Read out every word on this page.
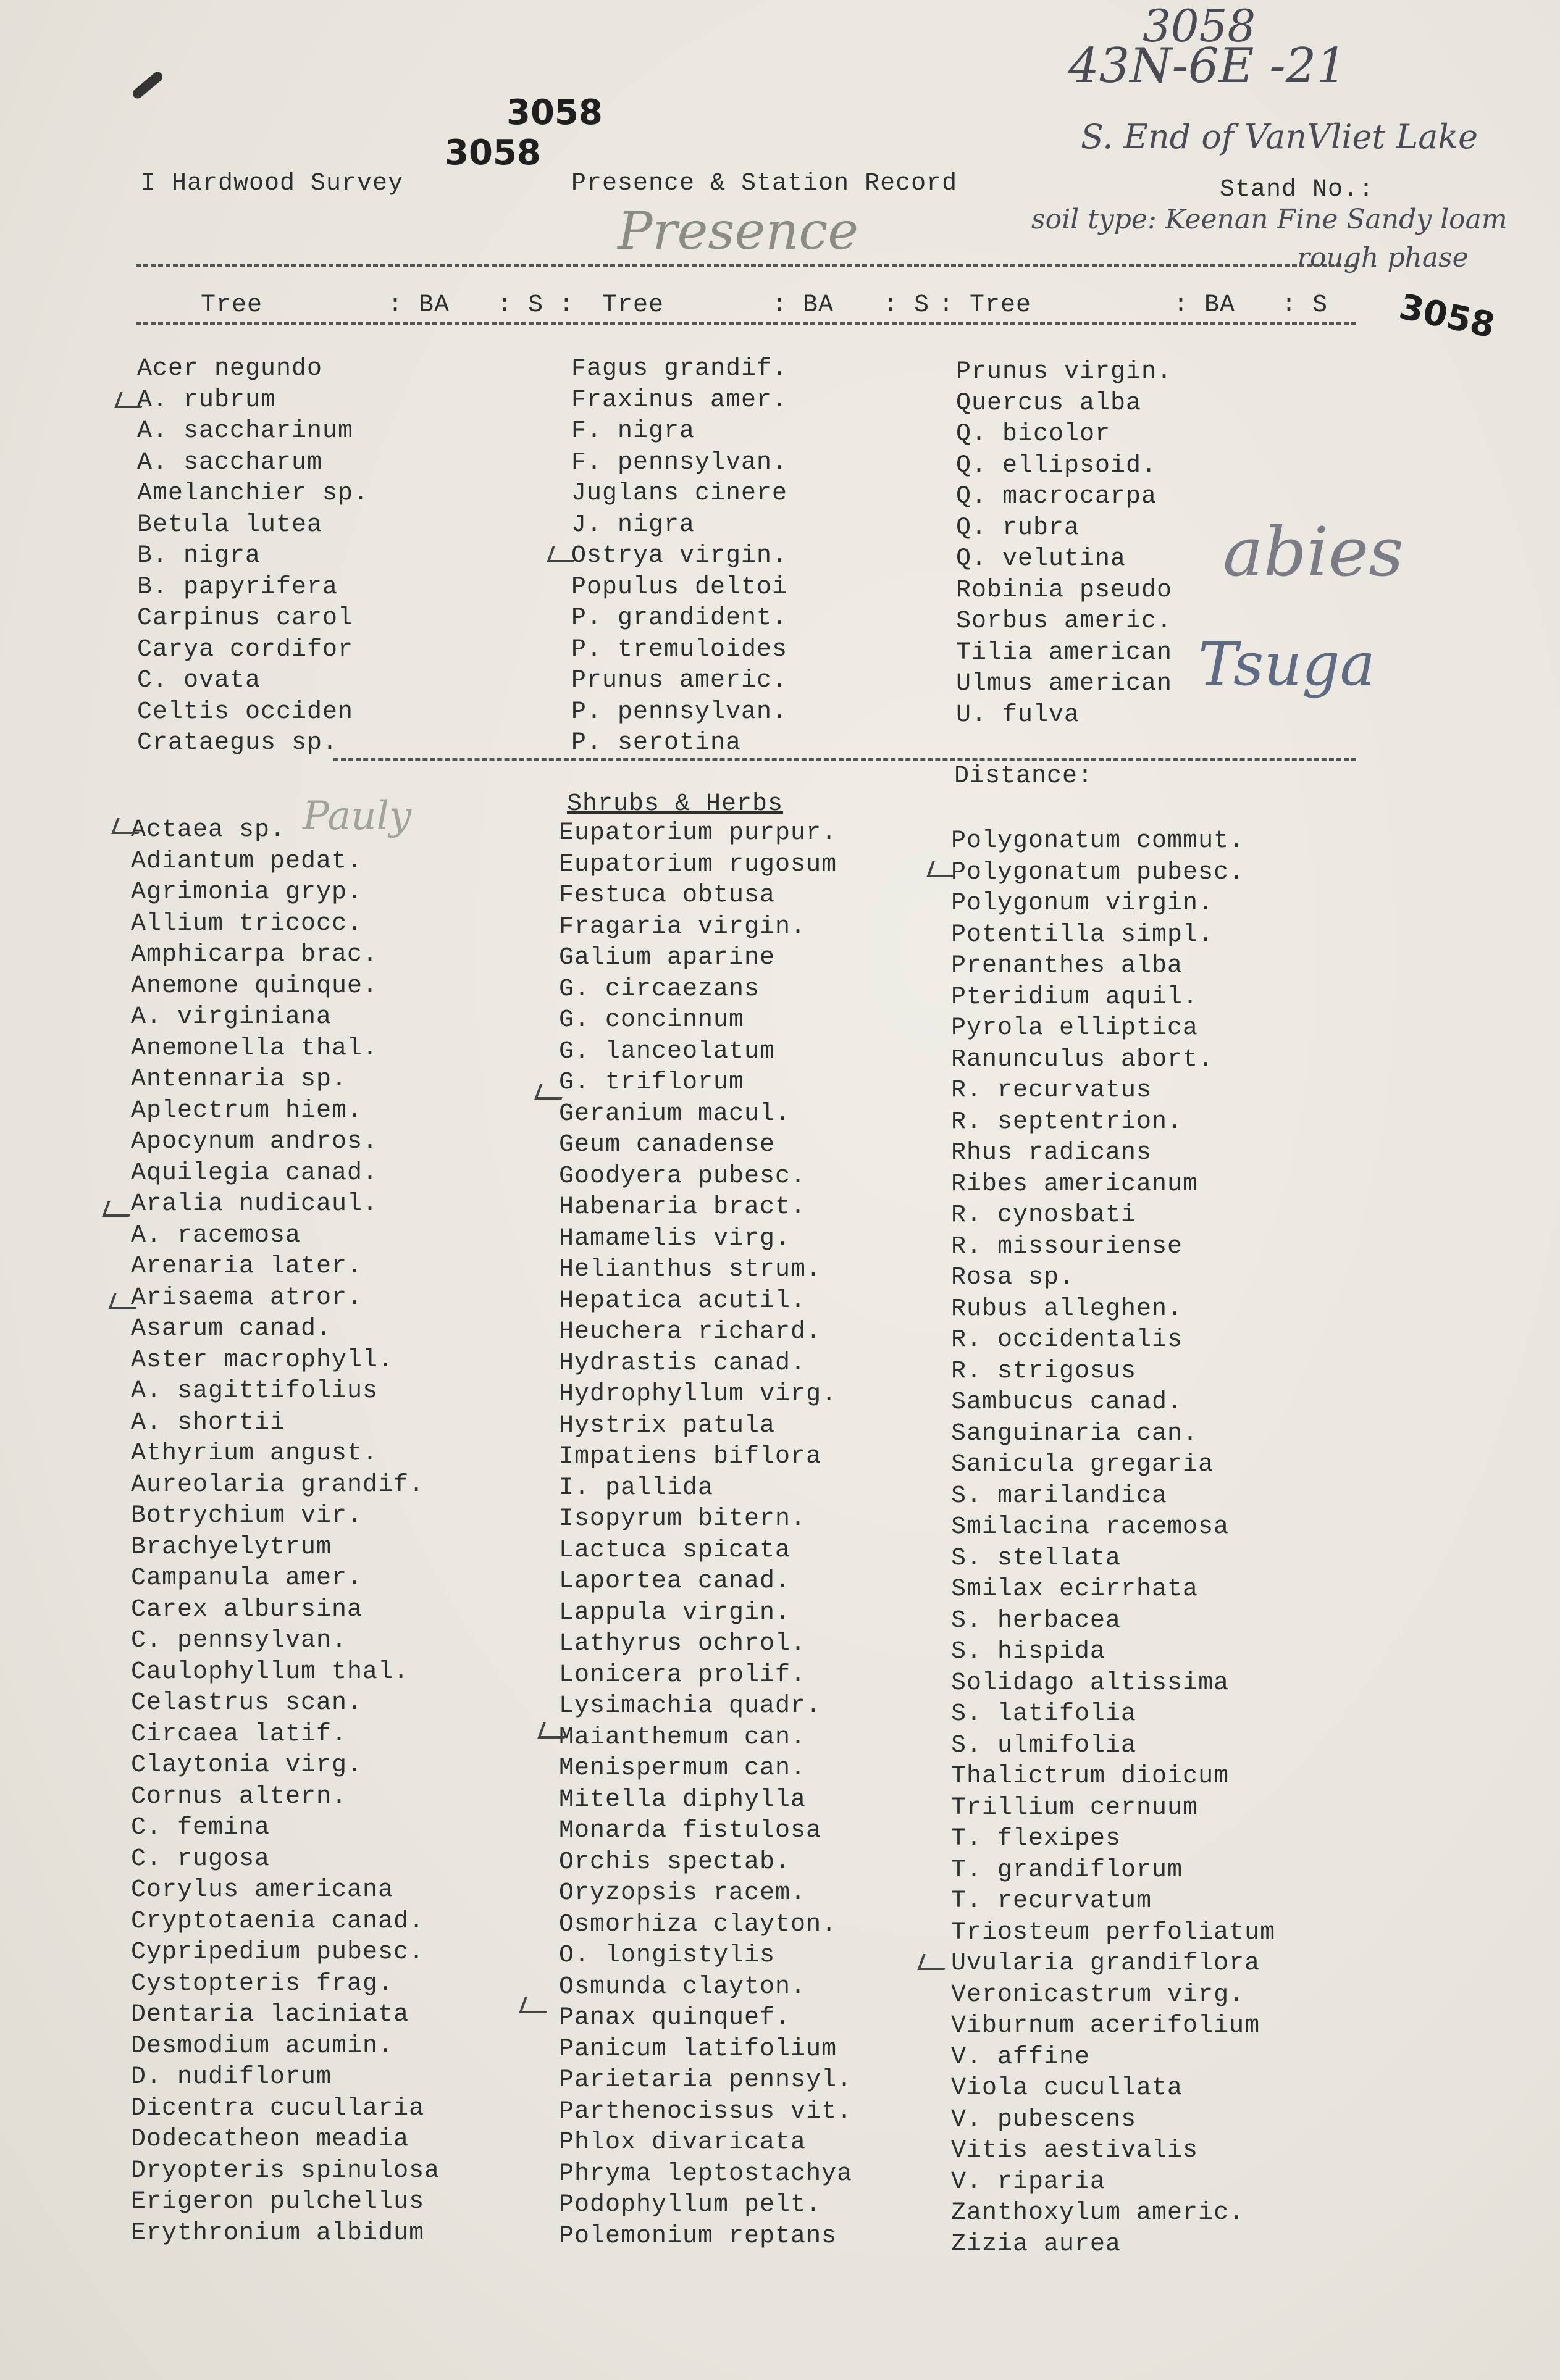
3058
43N-6E -21
S. End of VanVliet Lake
soil type: Keenan Fine Sandy loam
rough phase
Presence
abies
Tsuga
Pauly
3058
3058
3058
I Hardwood Survey	Presence & Station Record	Stand No.:
Tree	: BA : S : Tree	: BA : S : Tree	: BA : S
Acer negundo
A. rubrum
A. saccharinum
A. saccharum
Amelanchier sp.
Betula lutea
B. nigra
B. papyrifera
Carpinus carol
Carya cordifor
C. ovata
Celtis occiden
Crataegus sp.
Fagus grandif.
Fraxinus amer.
F. nigra
F. pennsylvan.
Juglans cinere
J. nigra
Ostrya virgin.
Populus deltoi
P. grandident.
P. tremuloides
Prunus americ.
P. pennsylvan.
P. serotina
Prunus virgin.
Quercus alba
Q. bicolor
Q. ellipsoid.
Q. macrocarpa
Q. rubra
Q. velutina
Robinia pseudo
Sorbus americ.
Tilia american
Ulmus american
U. fulva
Shrubs & Herbs
Distance:
Actaea sp.
Adiantum pedat.
Agrimonia gryp.
Allium tricocc.
Amphicarpa brac.
Anemone quinque.
A. virginiana
Anemonella thal.
Antennaria sp.
Aplectrum hiem.
Apocynum andros.
Aquilegia canad.
Aralia nudicaul.
A. racemosa
Arenaria later.
Arisaema atror.
Asarum canad.
Aster macrophyll.
A. sagittifolius
A. shortii
Athyrium angust.
Aureolaria grandif.
Botrychium vir.
Brachyelytrum
Campanula amer.
Carex albursina
C. pennsylvan.
Caulophyllum thal.
Celastrus scan.
Circaea latif.
Claytonia virg.
Cornus altern.
C. femina
C. rugosa
Corylus americana
Cryptotaenia canad.
Cypripedium pubesc.
Cystopteris frag.
Dentaria laciniata
Desmodium acumin.
D. nudiflorum
Dicentra cucullaria
Dodecatheon meadia
Dryopteris spinulosa
Erigeron pulchellus
Erythronium albidum
Eupatorium purpur.
Eupatorium rugosum
Festuca obtusa
Fragaria virgin.
Galium aparine
G. circaezans
G. concinnum
G. lanceolatum
G. triflorum
Geranium macul.
Geum canadense
Goodyera pubesc.
Habenaria bract.
Hamamelis virg.
Helianthus strum.
Hepatica acutil.
Heuchera richard.
Hydrastis canad.
Hydrophyllum virg.
Hystrix patula
Impatiens biflora
I. pallida
Isopyrum bitern.
Lactuca spicata
Laportea canad.
Lappula virgin.
Lathyrus ochrol.
Lonicera prolif.
Lysimachia quadr.
Maianthemum can.
Menispermum can.
Mitella diphylla
Monarda fistulosa
Orchis spectab.
Oryzopsis racem.
Osmorhiza clayton.
O. longistylis
Osmunda clayton.
Panax quinquef.
Panicum latifolium
Parietaria pennsyl.
Parthenocissus vit.
Phlox divaricata
Phryma leptostachya
Podophyllum pelt.
Polemonium reptans
Polygonatum commut.
Polygonatum pubesc.
Polygonum virgin.
Potentilla simpl.
Prenanthes alba
Pteridium aquil.
Pyrola elliptica
Ranunculus abort.
R. recurvatus
R. septentrion.
Rhus radicans
Ribes americanum
R. cynosbati
R. missouriense
Rosa sp.
Rubus alleghen.
R. occidentalis
R. strigosus
Sambucus canad.
Sanguinaria can.
Sanicula gregaria
S. marilandica
Smilacina racemosa
S. stellata
Smilax ecirrhata
S. herbacea
S. hispida
Solidago altissima
S. latifolia
S. ulmifolia
Thalictrum dioicum
Trillium cernuum
T. flexipes
T. grandiflorum
T. recurvatum
Triosteum perfoliatum
Uvularia grandiflora
Veronicastrum virg.
Viburnum acerifolium
V. affine
Viola cucullata
V. pubescens
Vitis aestivalis
V. riparia
Zanthoxylum americ.
Zizia aurea
